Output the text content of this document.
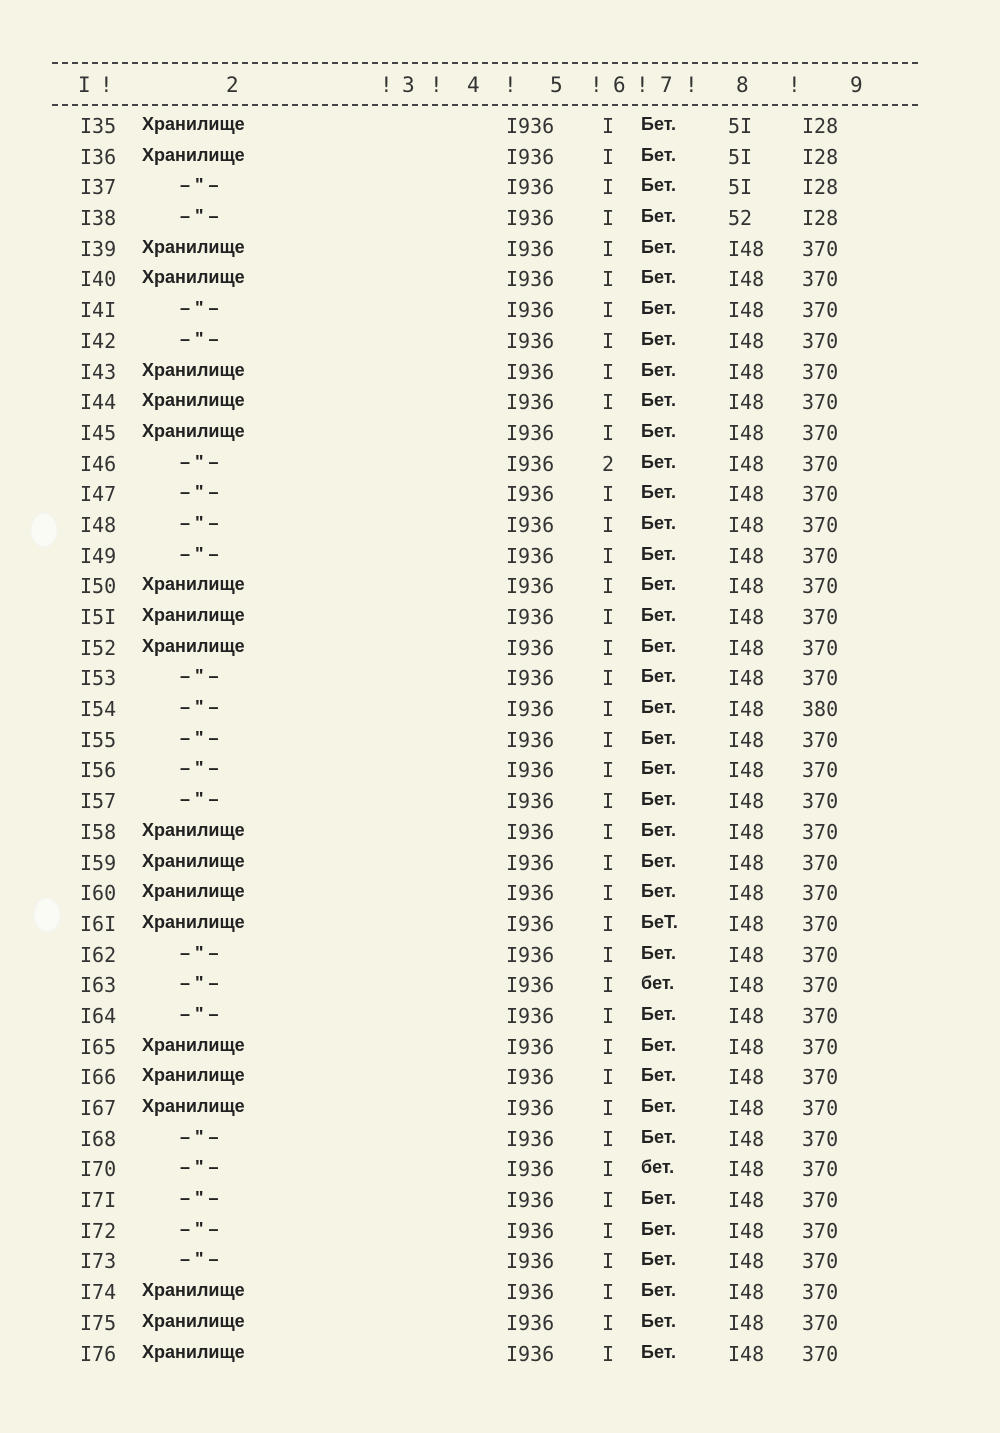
I !	2	! 3 ! 4 ! 5 ! 6 ! 7 ! 8 ! 9
I35 Хранилище	I936 I Бет.	5I I28
I36 Хранилище	I936 I Бет.	5I I28
I37	– " –	I936 I Бет.	5I I28
I38	– " –	I936 I Бет.	52 I28
I39 Хранилище	I936 I Бет.	I48 370
I40 Хранилище	I936 I Бет.	I48 370
I4I	– " –	I936 I Бет.	I48 370
I42	– " –	I936 I Бет.	I48 370
I43 Хранилище	I936 I Бет.	I48 370
I44 Хранилище	I936 I Бет.	I48 370
I45 Хранилище	I936 I Бет.	I48 370
I46	– " –	I936 2 Бет.	I48 370
I47	– " –	I936 I Бет.	I48 370
I48	– " –	I936 I Бет.	I48 370
I49	– " –	I936 I Бет.	I48 370
I50 Хранилище	I936 I Бет.	I48 370
I5I Хранилище	I936 I Бет.	I48 370
I52 Хранилище	I936 I Бет.	I48 370
I53	– " –	I936 I Бет.	I48 370
I54	– " –	I936 I Бет.	I48 380
I55	– " –	I936 I Бет.	I48 370
I56	– " –	I936 I Бет.	I48 370
I57	– " –	I936 I Бет.	I48 370
I58 Хранилище	I936 I Бет.	I48 370
I59 Хранилище	I936 I Бет.	I48 370
I60 Хранилище	I936 I Бет.	I48 370
I6I Хранилище	I936 I БеТ.	I48 370
I62	– " –	I936 I Бет.	I48 370
I63	– " –	I936 I бет.	I48 370
I64	– " –	I936 I Бет.	I48 370
I65 Хранилище	I936 I Бет.	I48 370
I66 Хранилище	I936 I Бет.	I48 370
I67 Хранилище	I936 I Бет.	I48 370
I68	– " –	I936 I Бет.	I48 370
I70	– " –	I936 I бет.	I48 370
I7I	– " –	I936 I Бет.	I48 370
I72	– " –	I936 I Бет.	I48 370
I73	– " –	I936 I Бет.	I48 370
I74 Хранилище	I936 I Бет.	I48 370
I75 Хранилище	I936 I Бет.	I48 370
I76 Хранилище	I936 I Бет.	I48 370
